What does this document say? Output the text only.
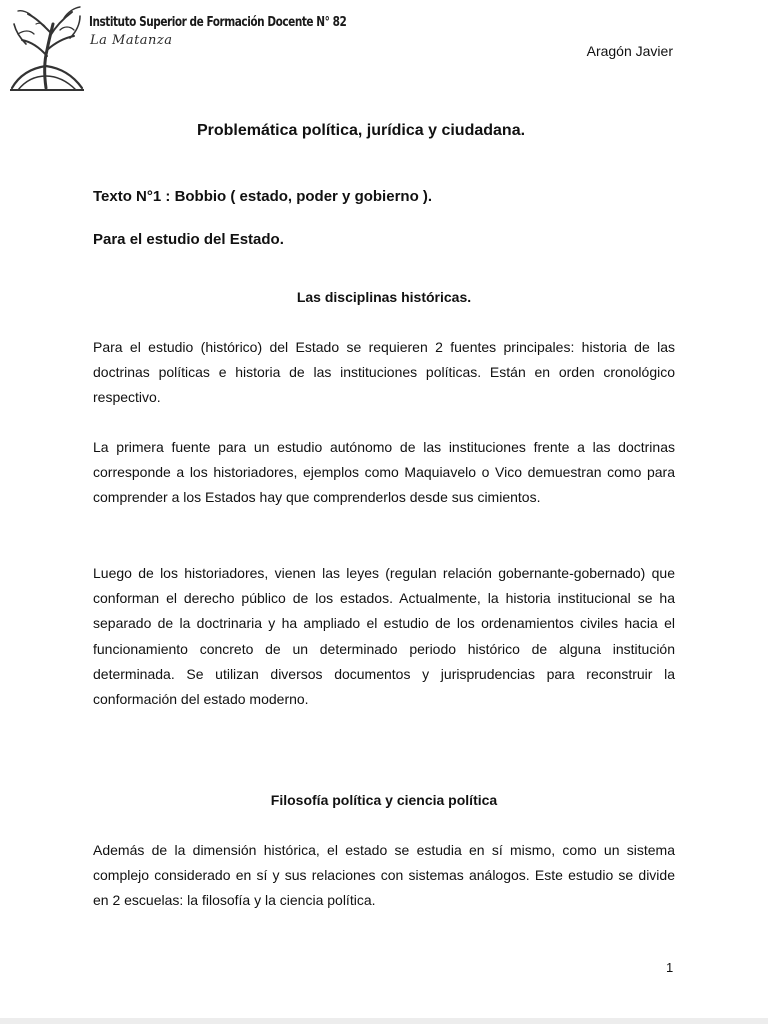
Instituto Superior de Formación Docente N° 82
La Matanza
Aragón Javier
Problemática política, jurídica y ciudadana.
Texto N°1 : Bobbio ( estado, poder y gobierno ).
Para el estudio del Estado.
Las disciplinas históricas.

Para el estudio (histórico) del Estado se requieren 2 fuentes principales: historia de las doctrinas políticas e historia de las instituciones políticas. Están en orden cronológico respectivo.

La primera fuente para un estudio autónomo de las instituciones frente a las doctrinas corresponde a los historiadores, ejemplos como Maquiavelo o Vico demuestran como para comprender a los Estados hay que comprenderlos desde sus cimientos.

Luego de los historiadores, vienen las leyes (regulan relación gobernante-gobernado) que conforman el derecho público de los estados. Actualmente, la historia institucional se ha separado de la doctrinaria y ha ampliado el estudio de los ordenamientos civiles hacia el funcionamiento concreto de un determinado periodo histórico de alguna institución determinada. Se utilizan diversos documentos y jurisprudencias para reconstruir la conformación del estado moderno.

Filosofía política y ciencia política

Además de la dimensión histórica, el estado se estudia en sí mismo, como un sistema complejo considerado en sí y sus relaciones con sistemas análogos. Este estudio se divide en 2 escuelas: la filosofía y la ciencia política.

1
